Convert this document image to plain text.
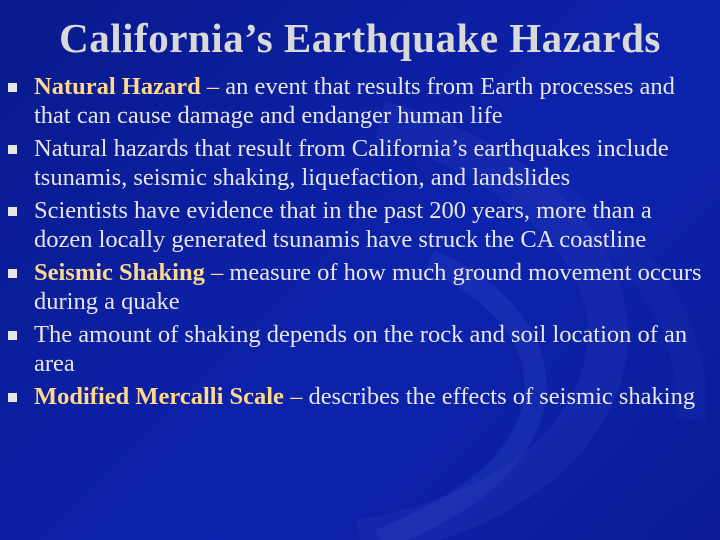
California’s Earthquake Hazards
Natural Hazard – an event that results from Earth processes and that can cause damage and endanger human life
Natural hazards that result from California’s earthquakes include tsunamis, seismic shaking, liquefaction, and landslides
Scientists have evidence that in the past 200 years, more than a dozen locally generated tsunamis have struck the CA coastline
Seismic Shaking – measure of how much ground movement occurs during a quake
The amount of shaking depends on the rock and soil location of an area
Modified Mercalli Scale – describes the effects of seismic shaking
